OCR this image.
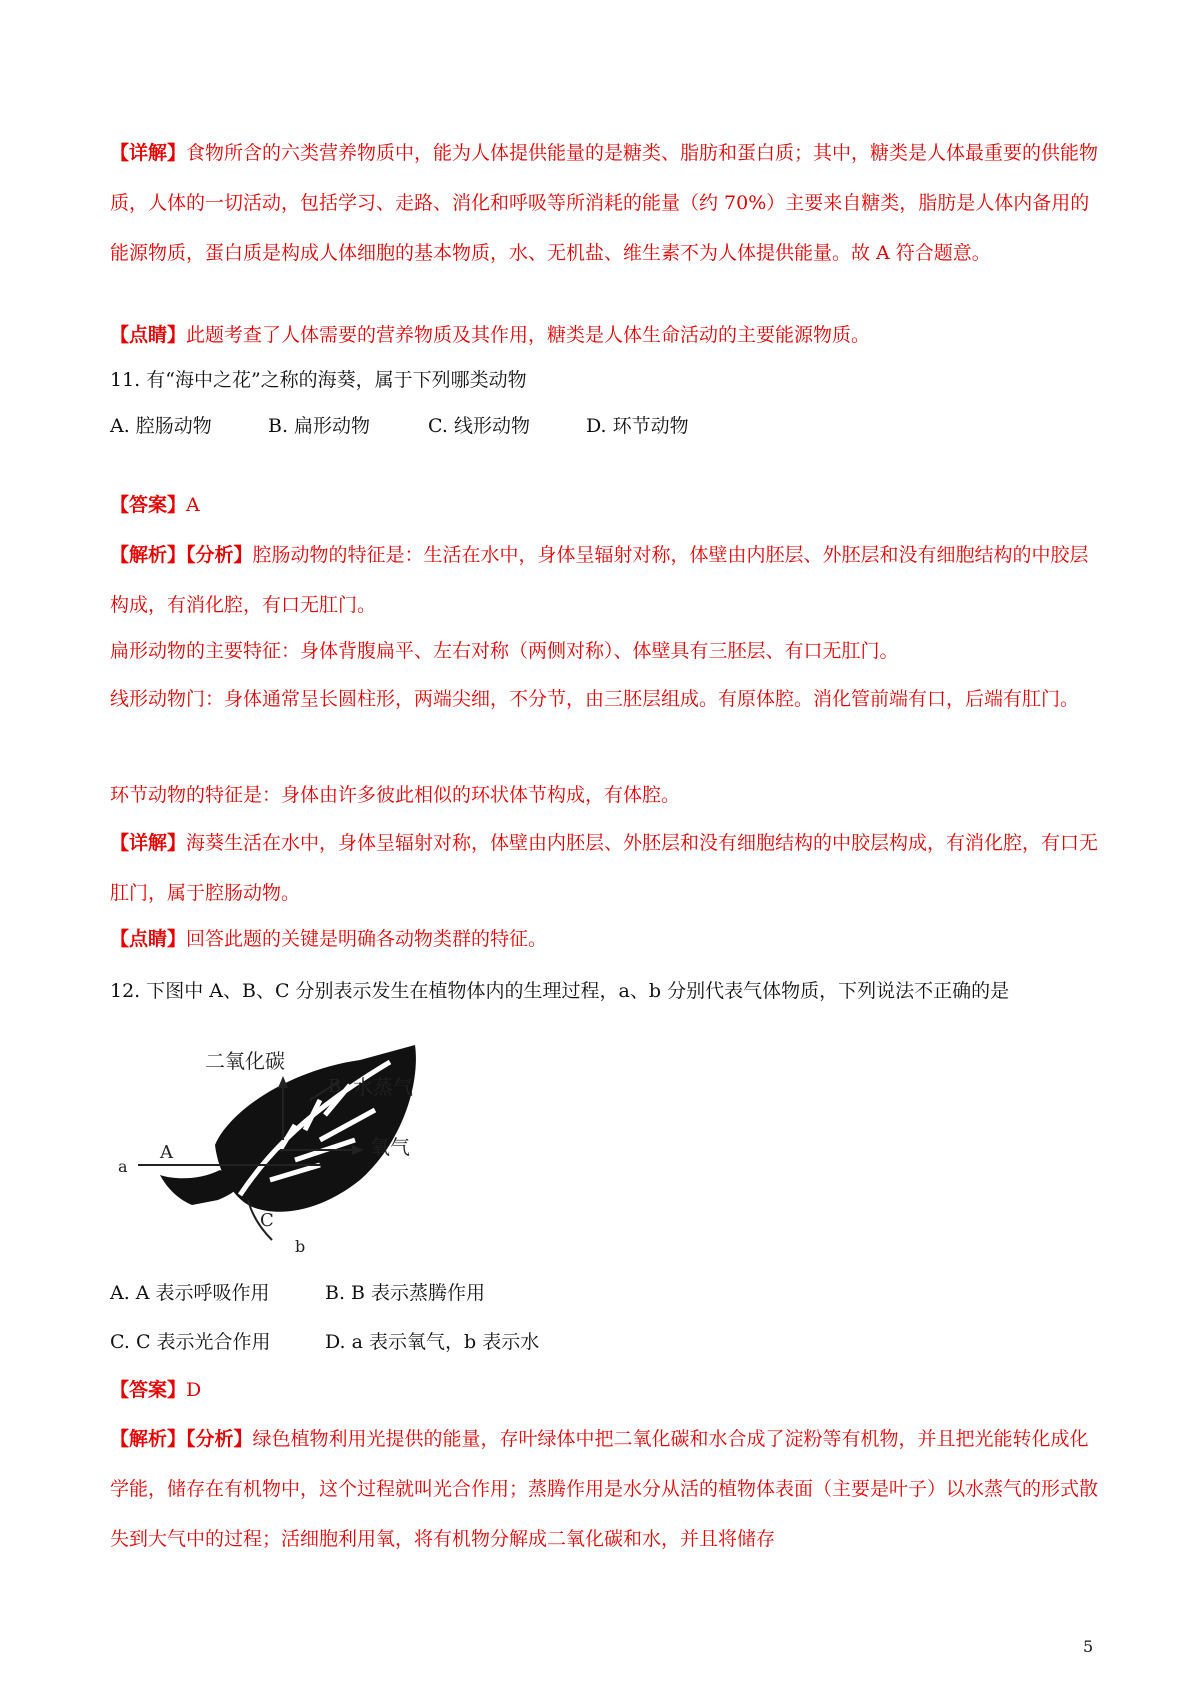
【详解】食物所含的六类营养物质中，能为人体提供能量的是糖类、脂肪和蛋白质；其中，糖类是人体最重要的供能物质，人体的一切活动，包括学习、走路、消化和呼吸等所消耗的能量（约 70%）主要来自糖类，脂肪是人体内备用的能源物质，蛋白质是构成人体细胞的基本物质，水、无机盐、维生素不为人体提供能量。故 A 符合题意。
【点睛】此题考查了人体需要的营养物质及其作用，糖类是人体生命活动的主要能源物质。
11. 有“海中之花”之称的海葵，属于下列哪类动物
A. 腔肠动物	B. 扁形动物	C. 线形动物	D. 环节动物
【答案】A
【解析】【分析】腔肠动物的特征是：生活在水中，身体呈辐射对称，体壁由内胚层、外胚层和没有细胞结构的中胶层构成，有消化腔，有口无肛门。
扁形动物的主要特征：身体背腹扁平、左右对称（两侧对称）、体壁具有三胚层、有口无肛门。
线形动物门：身体通常呈长圆柱形，两端尖细，不分节，由三胚层组成。有原体腔。消化管前端有口，后端有肛门。
环节动物的特征是：身体由许多彼此相似的环状体节构成，有体腔。
【详解】海葵生活在水中，身体呈辐射对称，体壁由内胚层、外胚层和没有细胞结构的中胶层构成，有消化腔，有口无肛门，属于腔肠动物。
【点睛】回答此题的关键是明确各动物类群的特征。
12. 下图中 A、B、C 分别表示发生在植物体内的生理过程，a、b 分别代表气体物质，下列说法不正确的是
a
A
二氧化碳
B 水蒸气
氧气
C
b
A. A 表示呼吸作用	B. B 表示蒸腾作用
C. C 表示光合作用	D. a 表示氧气，b 表示水
【答案】D
【解析】【分析】绿色植物利用光提供的能量，存叶绿体中把二氧化碳和水合成了淀粉等有机物，并且把光能转化成化学能，储存在有机物中，这个过程就叫光合作用；蒸腾作用是水分从活的植物体表面（主要是叶子）以水蒸气的形式散失到大气中的过程；活细胞利用氧，将有机物分解成二氧化碳和水，并且将储存
5
